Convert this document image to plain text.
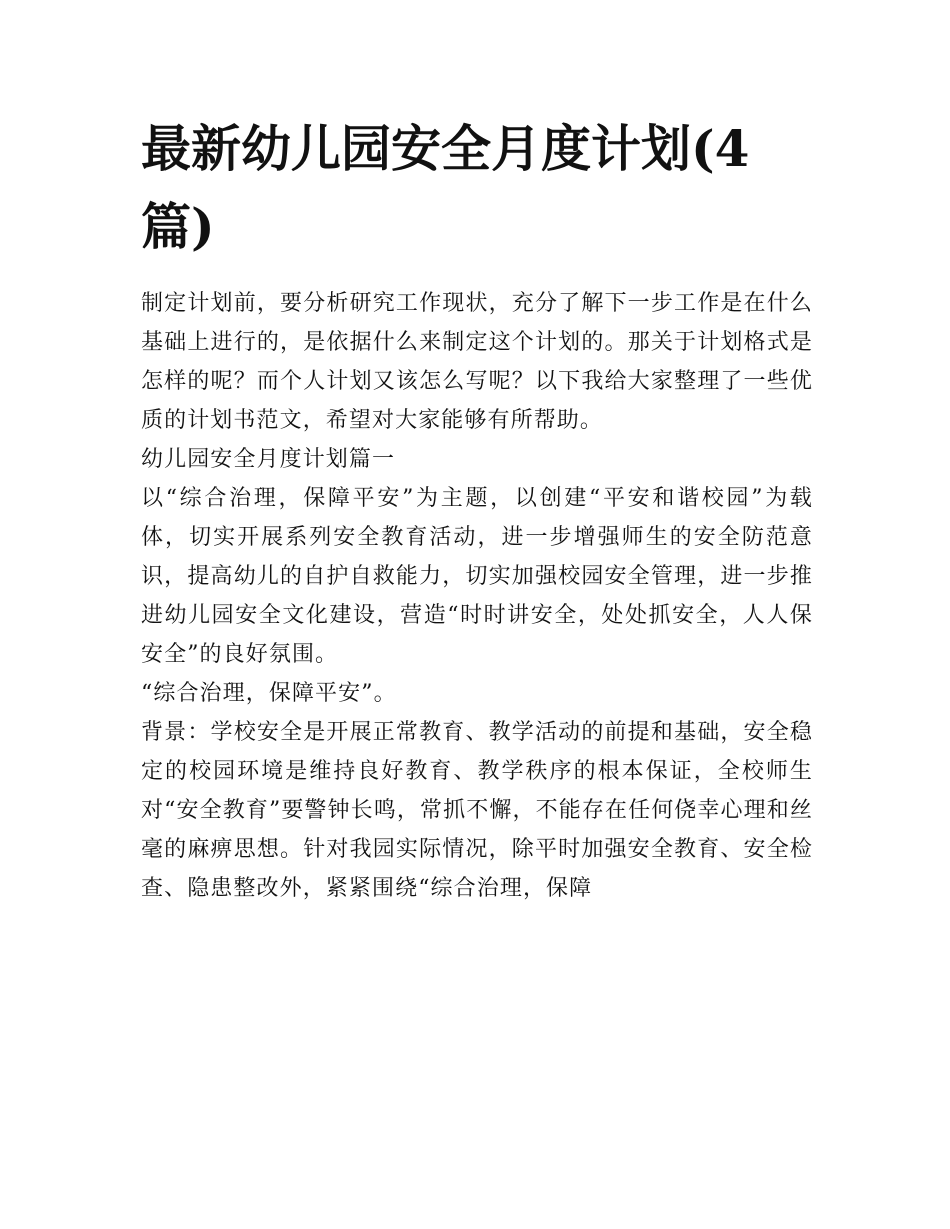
最新幼儿园安全月度计划(4篇)

制定计划前，要分析研究工作现状，充分了解下一步工作是在什么基础上进行的，是依据什么来制定这个计划的。那关于计划格式是怎样的呢？而个人计划又该怎么写呢？以下我给大家整理了一些优质的计划书范文，希望对大家能够有所帮助。

幼儿园安全月度计划篇一

以“综合治理，保障平安”为主题，以创建“平安和谐校园”为载体，切实开展系列安全教育活动，进一步增强师生的安全防范意识，提高幼儿的自护自救能力，切实加强校园安全管理，进一步推进幼儿园安全文化建设，营造“时时讲安全，处处抓安全，人人保安全”的良好氛围。

“综合治理，保障平安”。

背景：学校安全是开展正常教育、教学活动的前提和基础，安全稳定的校园环境是维持良好教育、教学秩序的根本保证，全校师生对“安全教育”要警钟长鸣，常抓不懈，不能存在任何侥幸心理和丝毫的麻痹思想。针对我园实际情况，除平时加强安全教育、安全检查、隐患整改外，紧紧围绕“综合治理，保障
